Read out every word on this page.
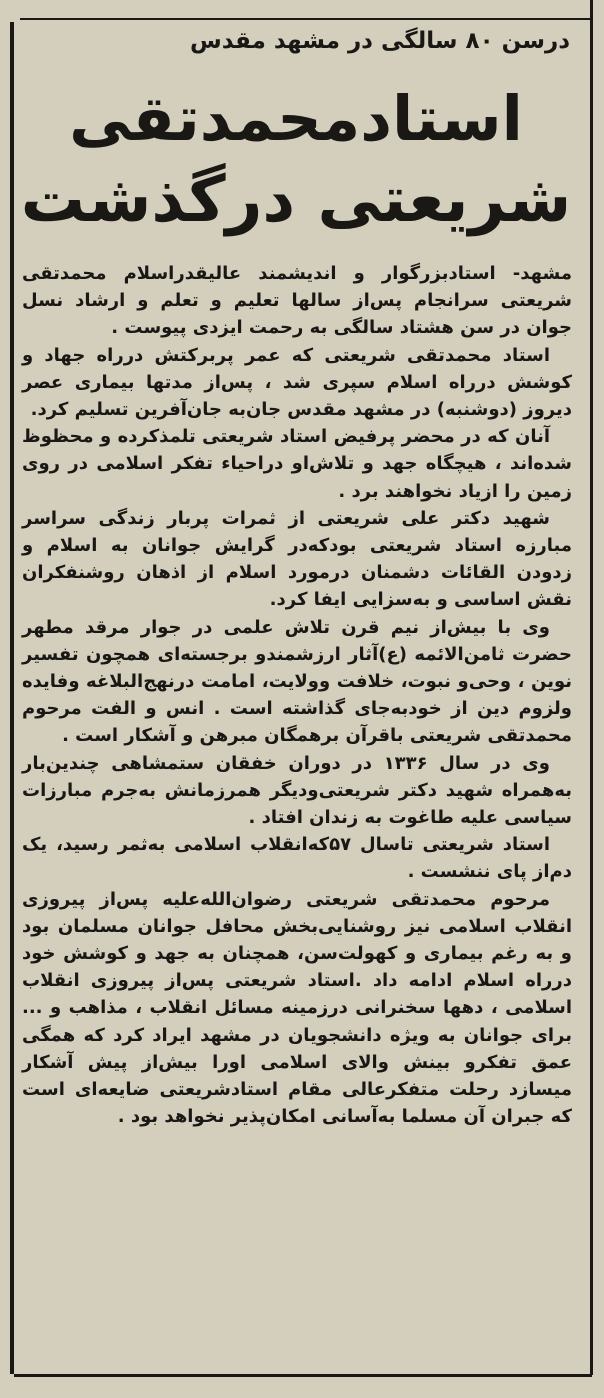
درسن ۸۰ سالگی در مشهد مقدس
استادمحمدتقی
شریعتی درگذشت

مشهد- استادبزرگوار و اندیشمند عالیقدراسلام محمدتقی شریعتی سرانجام پس‌از سالها تعلیم و تعلم و ارشاد نسل جوان در سن هشتاد سالگی به رحمت ایزدی پیوست .

استاد محمدتقی شریعتی که عمر پربرکتش درراه جهاد و کوشش درراه اسلام سپری شد ، پس‌از مدتها بیماری عصر دیروز (دوشنبه) در مشهد مقدس جان‌به جان‌آفرین تسلیم کرد.

آنان که در محضر پرفیض استاد شریعتی تلمذکرده و محظوظ شده‌اند ، هیچگاه جهد و تلاش‌او دراحیاء تفکر اسلامی در روی زمین را ازیاد نخواهند برد .

شهید دکتر علی شریعتی از ثمرات پربار زندگی سراسر مبارزه استاد شریعتی بودکه‌در گرایش جوانان به اسلام و زدودن القائات دشمنان درمورد اسلام از اذهان روشنفکران نقش اساسی و به‌سزایی ایفا کرد.

وی با بیش‌از نیم قرن تلاش علمی در جوار مرقد مطهر حضرت ثامن‌الائمه (ع)آثار ارزشمندو برجسته‌ای همچون تفسیر نوین ، وحی‌و نبوت، خلافت وولایت، امامت درنهج‌البلاغه وفایده ولزوم دین از خودبه‌جای گذاشته است . انس و الفت مرحوم محمدتقی شریعتی باقرآن برهمگان مبرهن و آشکار است .

وی در سال ۱۳۳۶ در دوران خفقان ستمشاهی چندین‌بار به‌همراه شهید دکتر شریعتی‌ودیگر همرزمانش به‌جرم مبارزات سیاسی علیه طاغوت به زندان افتاد .

استاد شریعتی تاسال ۵۷که‌انقلاب اسلامی به‌ثمر رسید، یک دم‌از پای ننشست .

مرحوم محمدتقی شریعتی رضوان‌الله‌علیه پس‌از پیروزی انقلاب اسلامی نیز روشنایی‌بخش محافل جوانان مسلمان بود و به رغم بیماری و کهولت‌سن، همچنان به جهد و کوشش خود درراه اسلام ادامه داد .استاد شریعتی پس‌از پیروزی انقلاب اسلامی ، دهها سخنرانی درزمینه مسائل انقلاب ، مذاهب و ... برای جوانان به ویژه دانشجویان در مشهد ایراد کرد که همگی عمق تفکرو بینش والای اسلامی اورا بیش‌از پیش آشکار میسازد رحلت متفکرعالی مقام استادشریعتی ضایعه‌ای است که جبران آن مسلما به‌آسانی امکان‌پذیر نخواهد بود .
